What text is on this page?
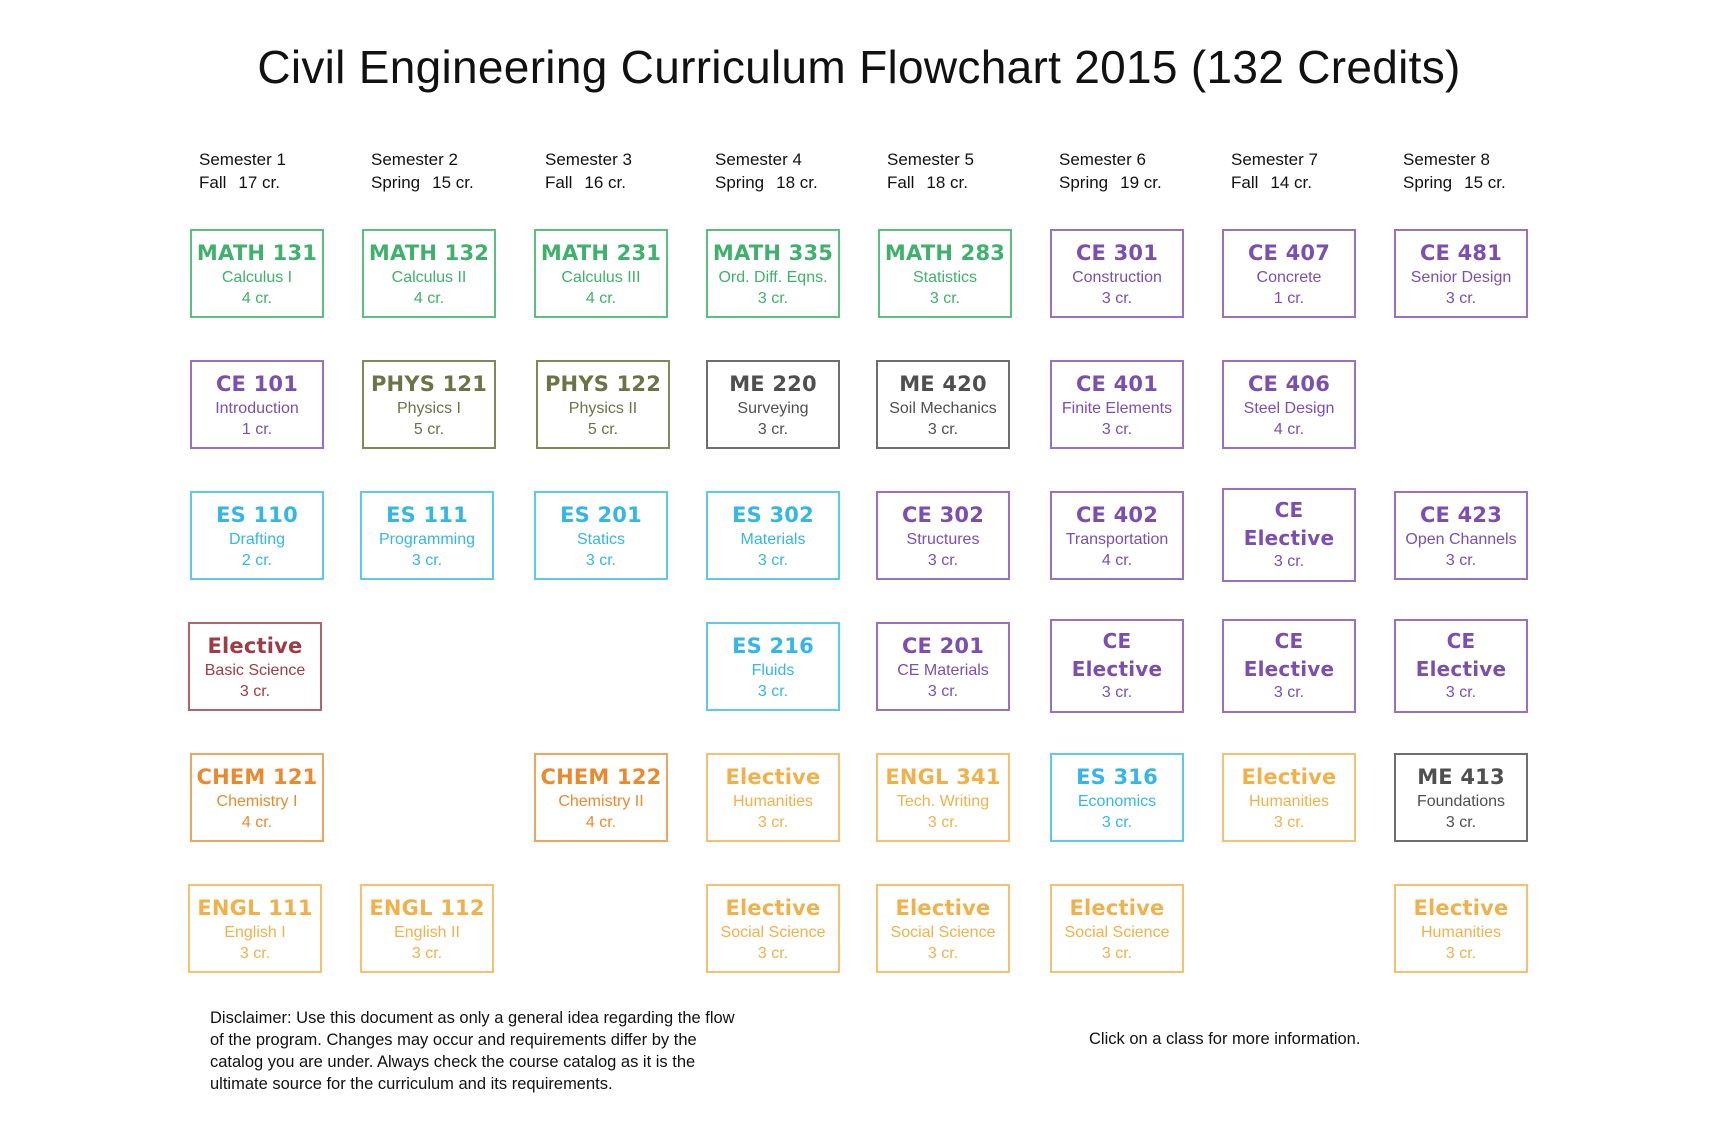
Civil Engineering Curriculum Flowchart 2015 (132 Credits)
Semester 1
Fall 17 cr.
Semester 2
Spring 15 cr.
Semester 3
Fall 16 cr.
Semester 4
Spring 18 cr.
Semester 5
Fall 18 cr.
Semester 6
Spring 19 cr.
Semester 7
Fall 14 cr.
Semester 8
Spring 15 cr.
MATH 131
Calculus I
4 cr.
MATH 132
Calculus II
4 cr.
MATH 231
Calculus III
4 cr.
MATH 335
Ord. Diff. Eqns.
3 cr.
MATH 283
Statistics
3 cr.
CE 301
Construction
3 cr.
CE 407
Concrete
1 cr.
CE 481
Senior Design
3 cr.
CE 101
Introduction
1 cr.
PHYS 121
Physics I
5 cr.
PHYS 122
Physics II
5 cr.
ME 220
Surveying
3 cr.
ME 420
Soil Mechanics
3 cr.
CE 401
Finite Elements
3 cr.
CE 406
Steel Design
4 cr.
ES 110
Drafting
2 cr.
ES 111
Programming
3 cr.
ES 201
Statics
3 cr.
ES 302
Materials
3 cr.
CE 302
Structures
3 cr.
CE 402
Transportation
4 cr.
CE
Elective
3 cr.
CE 423
Open Channels
3 cr.
Elective
Basic Science
3 cr.
ES 216
Fluids
3 cr.
CE 201
CE Materials
3 cr.
CE
Elective
3 cr.
CE
Elective
3 cr.
CE
Elective
3 cr.
CHEM 121
Chemistry I
4 cr.
CHEM 122
Chemistry II
4 cr.
Elective
Humanities
3 cr.
ENGL 341
Tech. Writing
3 cr.
ES 316
Economics
3 cr.
Elective
Humanities
3 cr.
ME 413
Foundations
3 cr.
ENGL 111
English I
3 cr.
ENGL 112
English II
3 cr.
Elective
Social Science
3 cr.
Elective
Social Science
3 cr.
Elective
Social Science
3 cr.
Elective
Humanities
3 cr.
Disclaimer: Use this document as only a general idea regarding the flow of the program. Changes may occur and requirements differ by the catalog you are under. Always check the course catalog as it is the ultimate source for the curriculum and its requirements.
Click on a class for more information.
